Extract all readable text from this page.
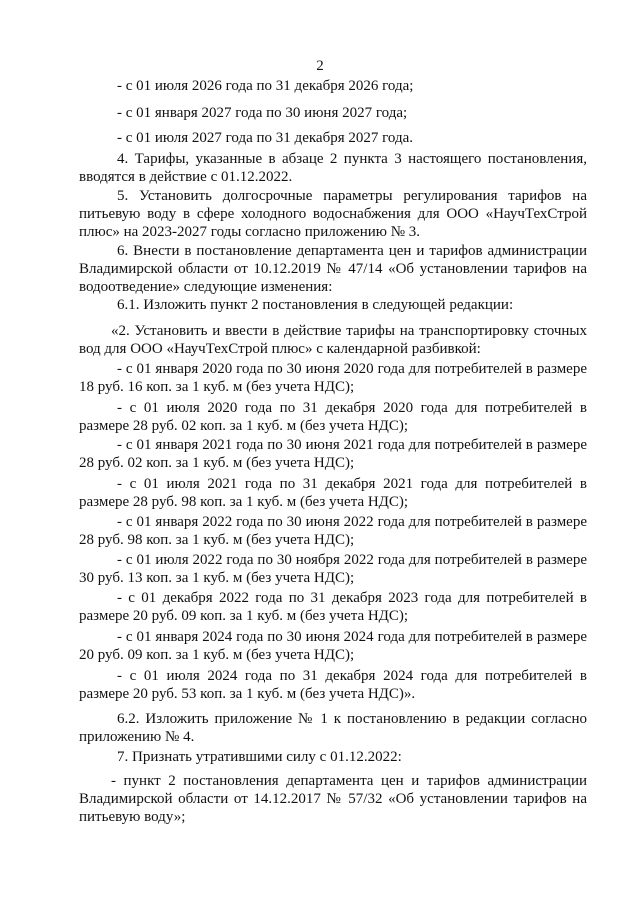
2

- с 01 июля 2026 года по 31 декабря 2026 года;

- с 01 января 2027 года по 30 июня 2027 года;

- с 01 июля 2027 года по 31 декабря 2027 года.

4. Тарифы, указанные в абзаце 2 пункта 3 настоящего постановления, вводятся в действие с 01.12.2022.

5. Установить долгосрочные параметры регулирования тарифов на питьевую воду в сфере холодного водоснабжения для ООО «НаучТехСтрой плюс» на 2023-2027 годы согласно приложению № 3.

6. Внести в постановление департамента цен и тарифов администрации Владимирской области от 10.12.2019 № 47/14 «Об установлении тарифов на водоотведение» следующие изменения:

6.1. Изложить пункт 2 постановления в следующей редакции:

«2. Установить и ввести в действие тарифы на транспортировку сточных вод для ООО «НаучТехСтрой плюс» с календарной разбивкой:

- с 01 января 2020 года по 30 июня 2020 года для потребителей в размере 18 руб. 16 коп. за 1 куб. м (без учета НДС);

- с 01 июля 2020 года по 31 декабря 2020 года для потребителей в размере 28 руб. 02 коп. за 1 куб. м (без учета НДС);

- с 01 января 2021 года по 30 июня 2021 года для потребителей в размере 28 руб. 02 коп. за 1 куб. м (без учета НДС);

- с 01 июля 2021 года по 31 декабря 2021 года для потребителей в размере 28 руб. 98 коп. за 1 куб. м (без учета НДС);

- с 01 января 2022 года по 30 июня 2022 года для потребителей в размере 28 руб. 98 коп. за 1 куб. м (без учета НДС);

- с 01 июля 2022 года по 30 ноября 2022 года для потребителей в размере 30 руб. 13 коп. за 1 куб. м (без учета НДС);

- с 01 декабря 2022 года по 31 декабря 2023 года для потребителей в размере 20 руб. 09 коп. за 1 куб. м (без учета НДС);

- с 01 января 2024 года по 30 июня 2024 года для потребителей в размере 20 руб. 09 коп. за 1 куб. м (без учета НДС);

- с 01 июля 2024 года по 31 декабря 2024 года для потребителей в размере 20 руб. 53 коп. за 1 куб. м (без учета НДС)».

6.2. Изложить приложение № 1 к постановлению в редакции согласно приложению № 4.

7. Признать утратившими силу с 01.12.2022:

- пункт 2 постановления департамента цен и тарифов администрации Владимирской области от 14.12.2017 № 57/32 «Об установлении тарифов на питьевую воду»;
